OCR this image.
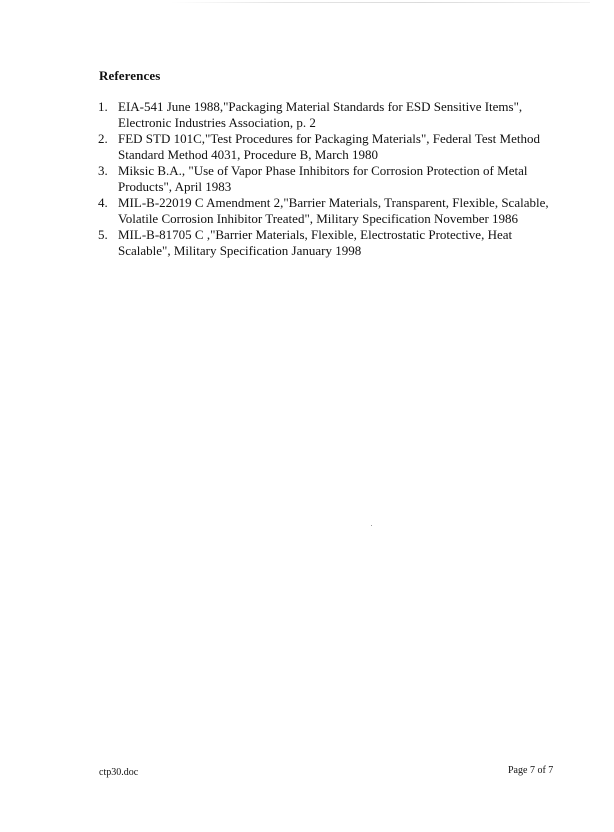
References
1. EIA-541 June 1988,"Packaging Material Standards for ESD Sensitive Items",
Electronic Industries Association, p. 2
2. FED STD 101C,"Test Procedures for Packaging Materials", Federal Test Method
Standard Method 4031, Procedure B, March 1980
3. Miksic B.A., "Use of Vapor Phase Inhibitors for Corrosion Protection of Metal
Products", April 1983
4. MIL-B-22019 C Amendment 2,"Barrier Materials, Transparent, Flexible, Scalable,
Volatile Corrosion Inhibitor Treated", Military Specification November 1986
5. MIL-B-81705 C ,"Barrier Materials, Flexible, Electrostatic Protective, Heat
Scalable", Military Specification January 1998
ctp30.doc	Page 7 of 7
